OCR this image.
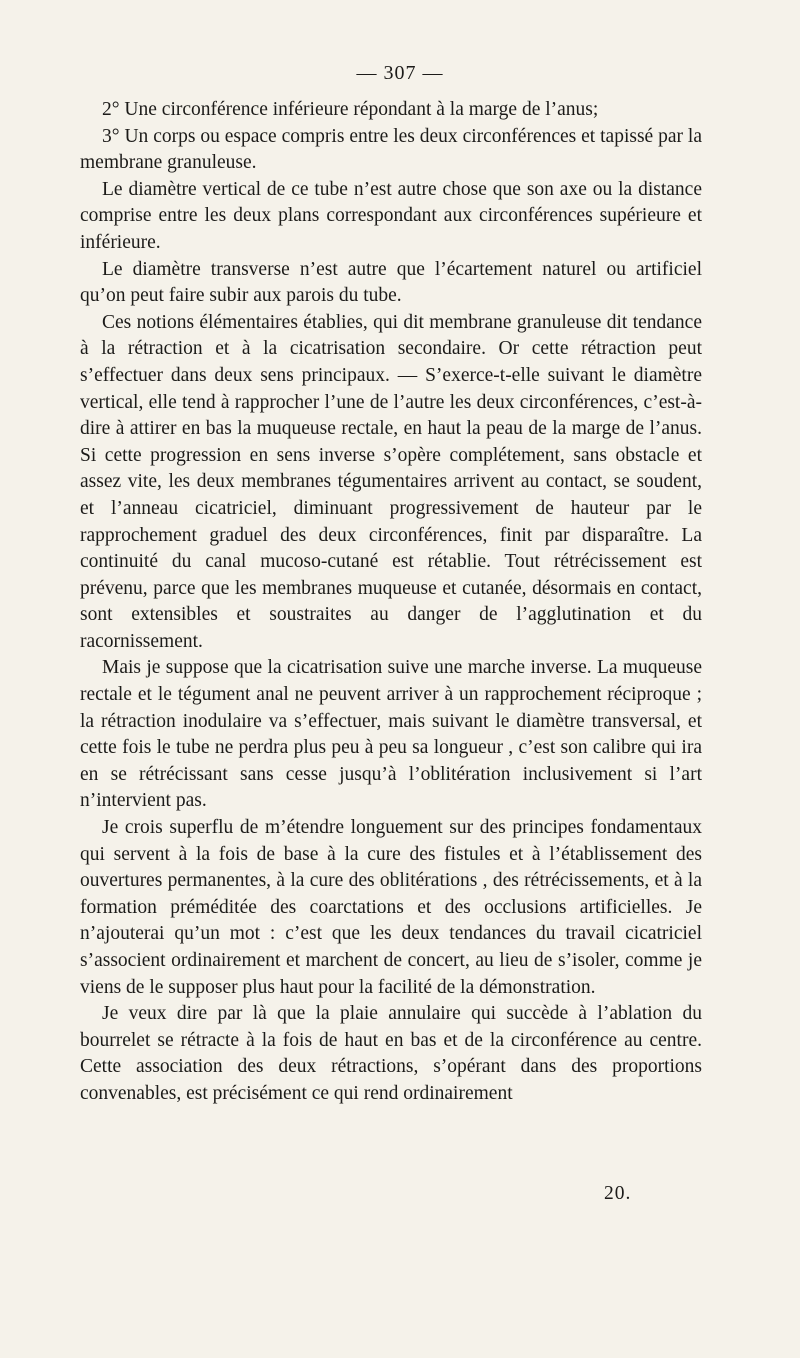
— 307 —

2° Une circonférence inférieure répondant à la marge de l’anus;

3° Un corps ou espace compris entre les deux circonférences et tapissé par la membrane granuleuse.

Le diamètre vertical de ce tube n’est autre chose que son axe ou la distance comprise entre les deux plans correspondant aux circonférences supérieure et inférieure.

Le diamètre transverse n’est autre que l’écartement naturel ou artificiel qu’on peut faire subir aux parois du tube.

Ces notions élémentaires établies, qui dit membrane granuleuse dit tendance à la rétraction et à la cicatrisation secondaire. Or cette rétraction peut s’effectuer dans deux sens principaux. — S’exerce-t-elle suivant le diamètre vertical, elle tend à rapprocher l’une de l’autre les deux circonférences, c’est-à-dire à attirer en bas la muqueuse rectale, en haut la peau de la marge de l’anus. Si cette progression en sens inverse s’opère complétement, sans obstacle et assez vite, les deux membranes tégumentaires arrivent au contact, se soudent, et l’anneau cicatriciel, diminuant progressivement de hauteur par le rapprochement graduel des deux circonférences, finit par disparaître. La continuité du canal mucoso-cutané est rétablie. Tout rétrécissement est prévenu, parce que les membranes muqueuse et cutanée, désormais en contact, sont extensibles et soustraites au danger de l’agglutination et du racornissement.

Mais je suppose que la cicatrisation suive une marche inverse. La muqueuse rectale et le tégument anal ne peuvent arriver à un rapprochement réciproque ; la rétraction inodulaire va s’effectuer, mais suivant le diamètre transversal, et cette fois le tube ne perdra plus peu à peu sa longueur , c’est son calibre qui ira en se rétrécissant sans cesse jusqu’à l’oblitération inclusivement si l’art n’intervient pas.

Je crois superflu de m’étendre longuement sur des principes fondamentaux qui servent à la fois de base à la cure des fistules et à l’établissement des ouvertures permanentes, à la cure des oblitérations , des rétrécissements, et à la formation préméditée des coarctations et des occlusions artificielles. Je n’ajouterai qu’un mot : c’est que les deux tendances du travail cicatriciel s’associent ordinairement et marchent de concert, au lieu de s’isoler, comme je viens de le supposer plus haut pour la facilité de la démonstration.

Je veux dire par là que la plaie annulaire qui succède à l’ablation du bourrelet se rétracte à la fois de haut en bas et de la circonférence au centre. Cette association des deux rétractions, s’opérant dans des proportions convenables, est précisément ce qui rend ordinairement

20.
